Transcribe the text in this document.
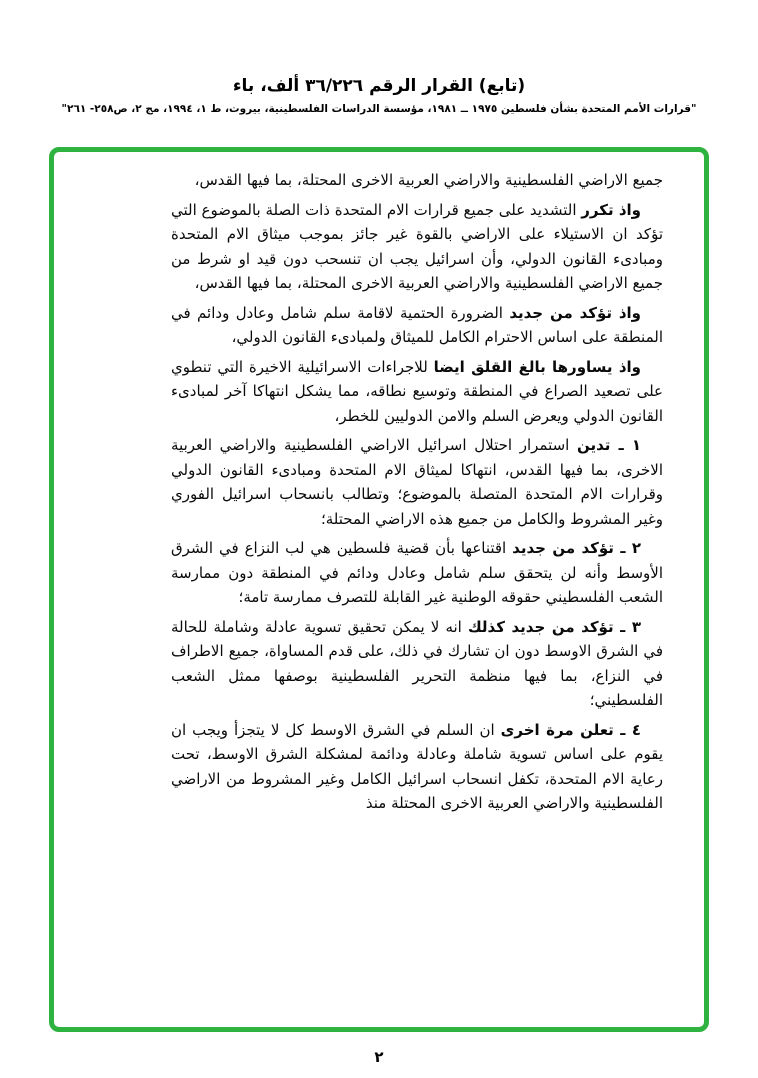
(تابع) القرار الرقم ٣٦/٢٢٦ ألف، باء
"قرارات الأمم المتحدة بشأن فلسطين ١٩٧٥ ــ ١٩٨١، مؤسسة الدراسات الفلسطينية، بيروت، ط ١، ١٩٩٤، مج ٢، ص٢٥٨- ٢٦١"

جميع الاراضي الفلسطينية والاراضي العربية الاخرى المحتلة، بما فيها القدس،

واذ تكرر التشديد على جميع قرارات الام المتحدة ذات الصلة بالموضوع التي تؤكد ان الاستيلاء على الاراضي بالقوة غير جائز بموجب ميثاق الام المتحدة ومبادىء القانون الدولي، وأن اسرائيل يجب ان تنسحب دون قيد او شرط من جميع الاراضي الفلسطينية والاراضي العربية الاخرى المحتلة، بما فيها القدس،

واذ تؤكد من جديد الضرورة الحتمية لاقامة سلم شامل وعادل ودائم في المنطقة على اساس الاحترام الكامل للميثاق ولمبادىء القانون الدولي،

واذ يساورها بالغ القلق ايضا للاجراءات الاسرائيلية الاخيرة التي تنطوي على تصعيد الصراع في المنطقة وتوسيع نطاقه، مما يشكل انتهاكا آخر لمبادىء القانون الدولي ويعرض السلم والامن الدوليين للخطر،

١ ـ تدين استمرار احتلال اسرائيل الاراضي الفلسطينية والاراضي العربية الاخرى، بما فيها القدس، انتهاكا لميثاق الام المتحدة ومبادىء القانون الدولي وقرارات الام المتحدة المتصلة بالموضوع؛ وتطالب بانسحاب اسرائيل الفوري وغير المشروط والكامل من جميع هذه الاراضي المحتلة؛

٢ ـ تؤكد من جديد اقتناعها بأن قضية فلسطين هي لب النزاع في الشرق الأوسط وأنه لن يتحقق سلم شامل وعادل ودائم في المنطقة دون ممارسة الشعب الفلسطيني حقوقه الوطنية غير القابلة للتصرف ممارسة تامة؛

٣ ـ تؤكد من جديد كذلك انه لا يمكن تحقيق تسوية عادلة وشاملة للحالة في الشرق الاوسط دون ان تشارك في ذلك، على قدم المساواة، جميع الاطراف في النزاع، بما فيها منظمة التحرير الفلسطينية بوصفها ممثل الشعب الفلسطيني؛

٤ ـ تعلن مرة اخرى ان السلم في الشرق الاوسط كل لا يتجزأ ويجب ان يقوم على اساس تسوية شاملة وعادلة ودائمة لمشكلة الشرق الاوسط، تحت رعاية الام المتحدة، تكفل انسحاب اسرائيل الكامل وغير المشروط من الاراضي الفلسطينية والاراضي العربية الاخرى المحتلة منذ

٢
